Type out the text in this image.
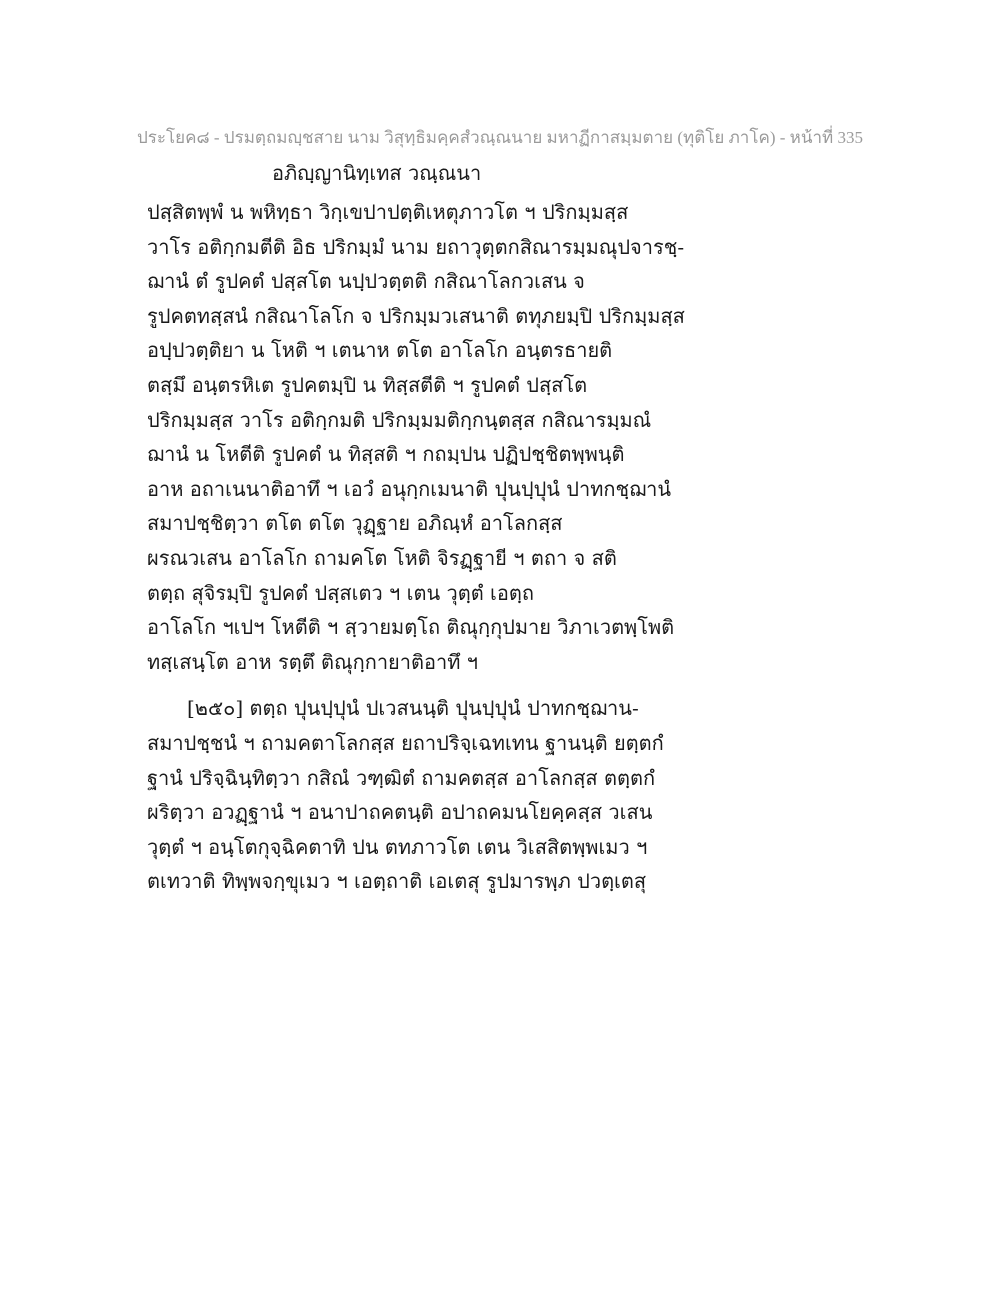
ประโยค๘ - ปรมตฺถมญฺชสาย นาม วิสุทฺธิมคฺคสํวณฺณนาย มหาฏีกาสมฺมตาย (ทุติโย ภาโค) - หน้าที่ 335
อภิญฺญานิทฺเทส วณฺณนา
ปสฺสิตพฺพํ น พหิทฺธา วิกฺเขปาปตฺติเหตุภาวโต ฯ ปริกมฺมสฺส
วาโร อติกฺกมตีติ อิธ ปริกมฺมํ นาม ยถาวุตฺตกสิณารมฺมณุปจารชฺ-
ฌานํ ตํ รูปคตํ ปสฺสโต นปฺปวตฺตติ กสิณาโลกวเสน จ
รูปคตทสฺสนํ กสิณาโลโก จ ปริกมฺมวเสนาติ ตทุภยมฺปิ ปริกมฺมสฺส
อปฺปวตฺติยา น โหติ ฯ เตนาห ตโต อาโลโก อนฺตรธายติ
ตสฺมึ อนฺตรหิเต รูปคตมฺปิ น ทิสฺสตีติ ฯ รูปคตํ ปสฺสโต
ปริกมฺมสฺส วาโร อติกฺกมติ ปริกมฺมมติกฺกนฺตสฺส กสิณารมฺมณํ
ฌานํ น โหตีติ รูปคตํ น ทิสฺสติ ฯ กถมฺปน ปฏิปชฺชิตพฺพนฺติ
อาห อถาเนนาติอาทึ ฯ เอวํ อนุกฺกเมนาติ ปุนปฺปุนํ ปาทกชฺฌานํ
สมาปชฺชิตฺวา ตโต ตโต วุฏฺฐาย อภิณฺหํ อาโลกสฺส
ผรณวเสน อาโลโก ถามคโต โหติ จิรฏฺฐายี ฯ ตถา จ สติ
ตตฺถ สุจิรมฺปิ รูปคตํ ปสฺสเตว ฯ เตน วุตฺตํ เอตฺถ
อาโลโก ฯเปฯ โหตีติ ฯ สฺวายมตฺโถ ติณุกฺกุปมาย วิภาเวตพฺโพติ
ทสฺเสนฺโต อาห รตฺตึ ติณุกฺกายาติอาทึ ฯ
[๒๕๐] ตตฺถ ปุนปฺปุนํ ปเวสนนฺติ ปุนปฺปุนํ ปาทกชฺฌาน-
สมาปชฺชนํ ฯ ถามคตาโลกสฺส ยถาปริจฺเฉทเทน ฐานนฺติ ยตฺตกํ
ฐานํ ปริจฺฉินฺทิตฺวา กสิณํ วฑฺฒิตํ ถามคตสฺส อาโลกสฺส ตตฺตกํ
ผริตฺวา อวฏฺฐานํ ฯ อนาปาถคตนฺติ อปาถคมนโยคฺคสฺส วเสน
วุตฺตํ ฯ อนฺโตกุจฺฉิคตาทิ ปน ตทภาวโต เตน วิเสสิตพฺพเมว ฯ
ตเทวาติ ทิพฺพจกฺขุเมว ฯ เอตฺถาติ เอเตสุ รูปมารพฺภ ปวตฺเตสุ
